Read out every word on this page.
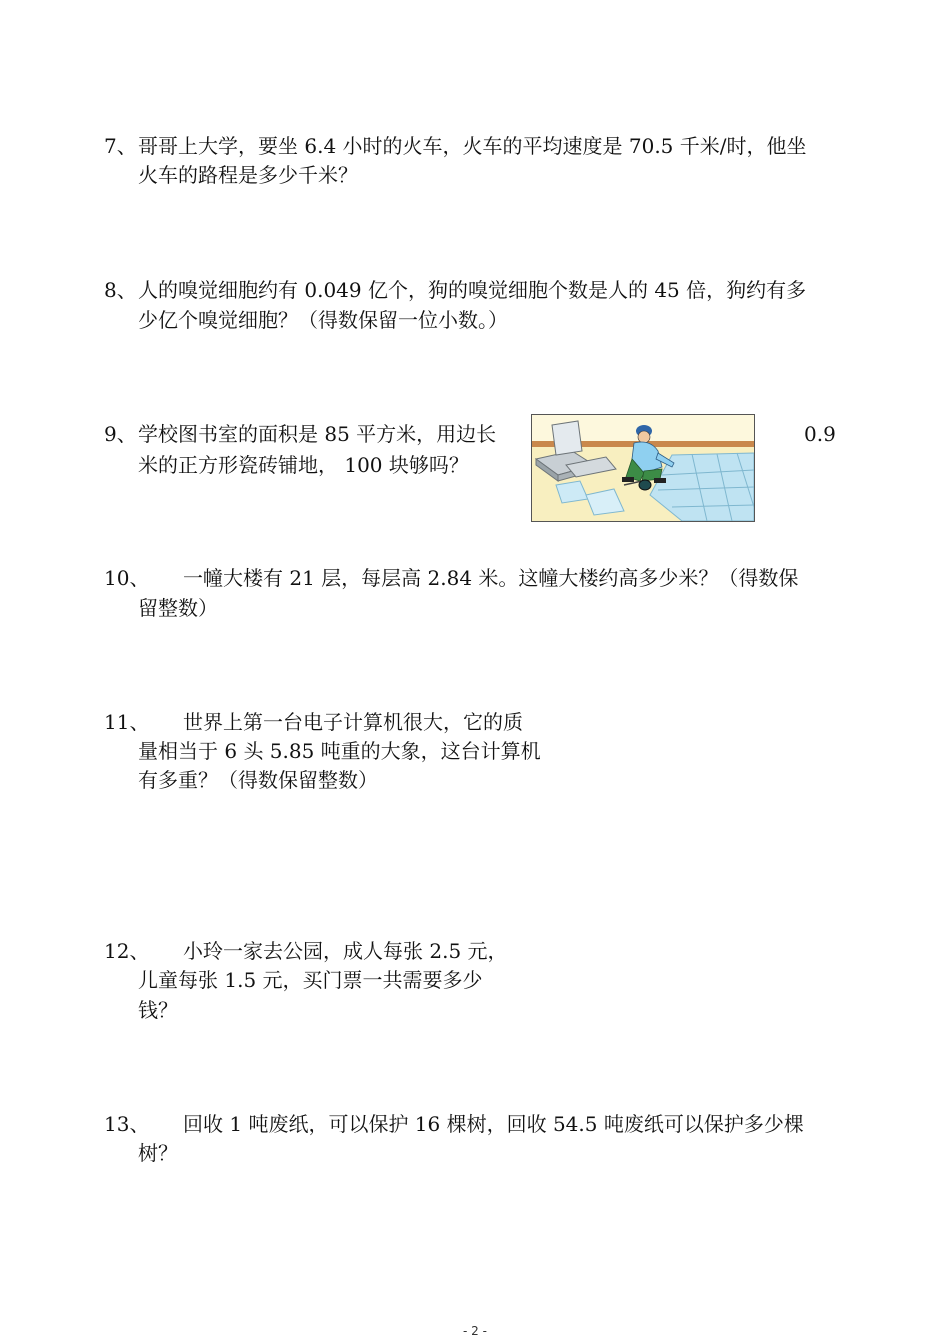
7、 哥哥上大学，要坐 6.4 小时的火车，火车的平均速度是 70.5 千米/时，他坐
火车的路程是多少千米？
8、 人的嗅觉细胞约有 0.049 亿个，狗的嗅觉细胞个数是人的 45 倍，狗约有多
少亿个嗅觉细胞？（得数保留一位小数。）
9、 学校图书室的面积是 85 平方米，用边长
米的正方形瓷砖铺地， 100 块够吗？
0.9
10、 一幢大楼有 21 层，每层高 2.84 米。这幢大楼约高多少米？（得数保
留整数）
11、 世界上第一台电子计算机很大，它的质
量相当于 6 头 5.85 吨重的大象，这台计算机
有多重？（得数保留整数）
12、 小玲一家去公园，成人每张 2.5 元，
儿童每张 1.5 元，买门票一共需要多少
钱？
13、 回收 1 吨废纸，可以保护 16 棵树，回收 54.5 吨废纸可以保护多少棵
树？
- 2 -
